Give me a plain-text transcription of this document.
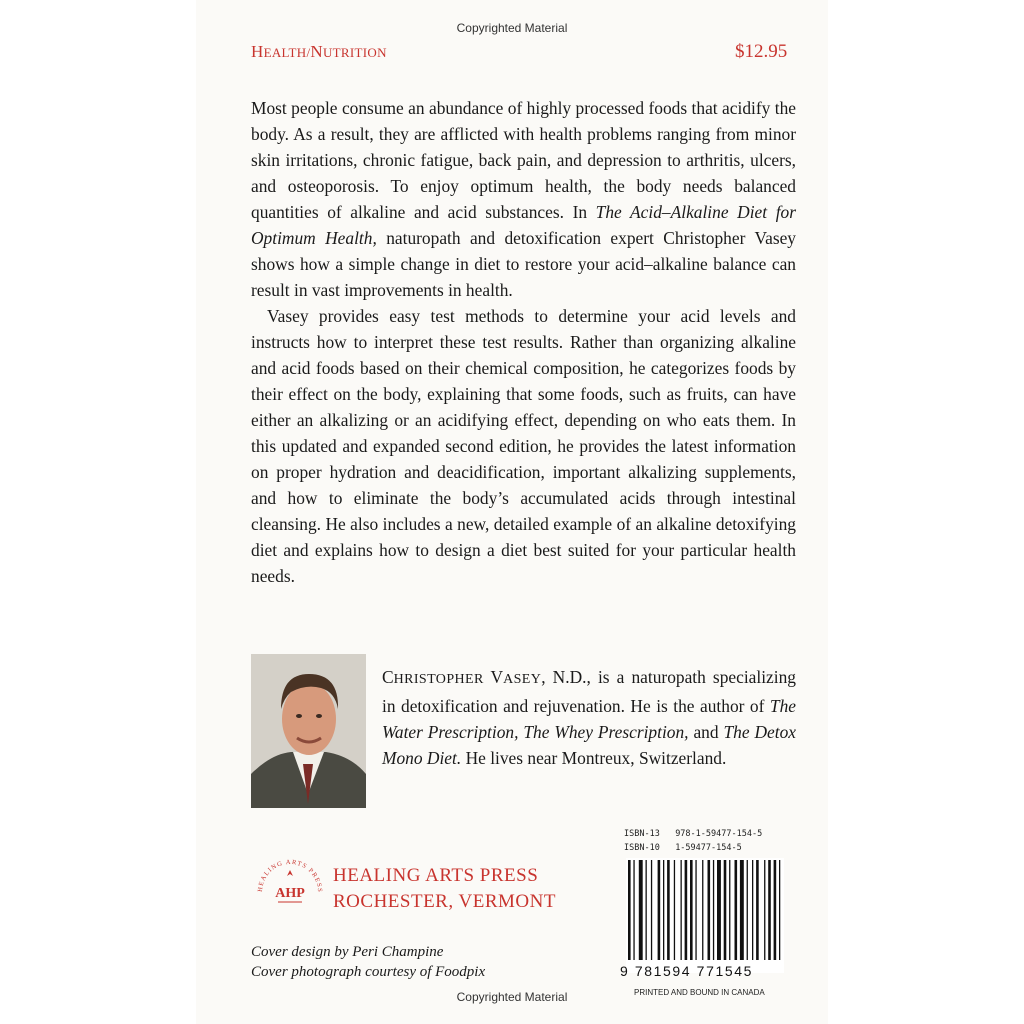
Copyrighted Material
HEALTH/NUTRITION	$12.95

Most people consume an abundance of highly processed foods that acidify the body. As a result, they are afflicted with health problems ranging from minor skin irritations, chronic fatigue, back pain, and depression to arthritis, ulcers, and osteoporosis. To enjoy optimum health, the body needs balanced quantities of alkaline and acid substances. In The Acid–Alkaline Diet for Optimum Health, naturopath and detoxification expert Christopher Vasey shows how a simple change in diet to restore your acid–alkaline balance can result in vast improvements in health.

Vasey provides easy test methods to determine your acid levels and instructs how to interpret these test results. Rather than organizing alkaline and acid foods based on their chemical composition, he categorizes foods by their effect on the body, explaining that some foods, such as fruits, can have either an alkalizing or an acidifying effect, depending on who eats them. In this updated and expanded second edition, he provides the latest information on proper hydration and deacidification, important alkalizing supplements, and how to eliminate the body’s accumulated acids through intestinal cleansing. He also includes a new, detailed example of an alkaline detoxifying diet and explains how to design a diet best suited for your particular health needs.

CHRISTOPHER VASEY, N.D., is a naturopath specializing in detoxification and rejuvenation. He is the author of The Water Prescription, The Whey Prescription, and The Detox Mono Diet. He lives near Montreux, Switzerland.
ISBN-13 978-1-59477-154-5
ISBN-10 1-59477-154-5
9 781594 771545
PRINTED AND BOUND IN CANADA
HEALING ARTS PRESS
AHP
HEALING ARTS PRESS
ROCHESTER, VERMONT
Cover design by Peri Champine
Cover photograph courtesy of Foodpix
Copyrighted Material
